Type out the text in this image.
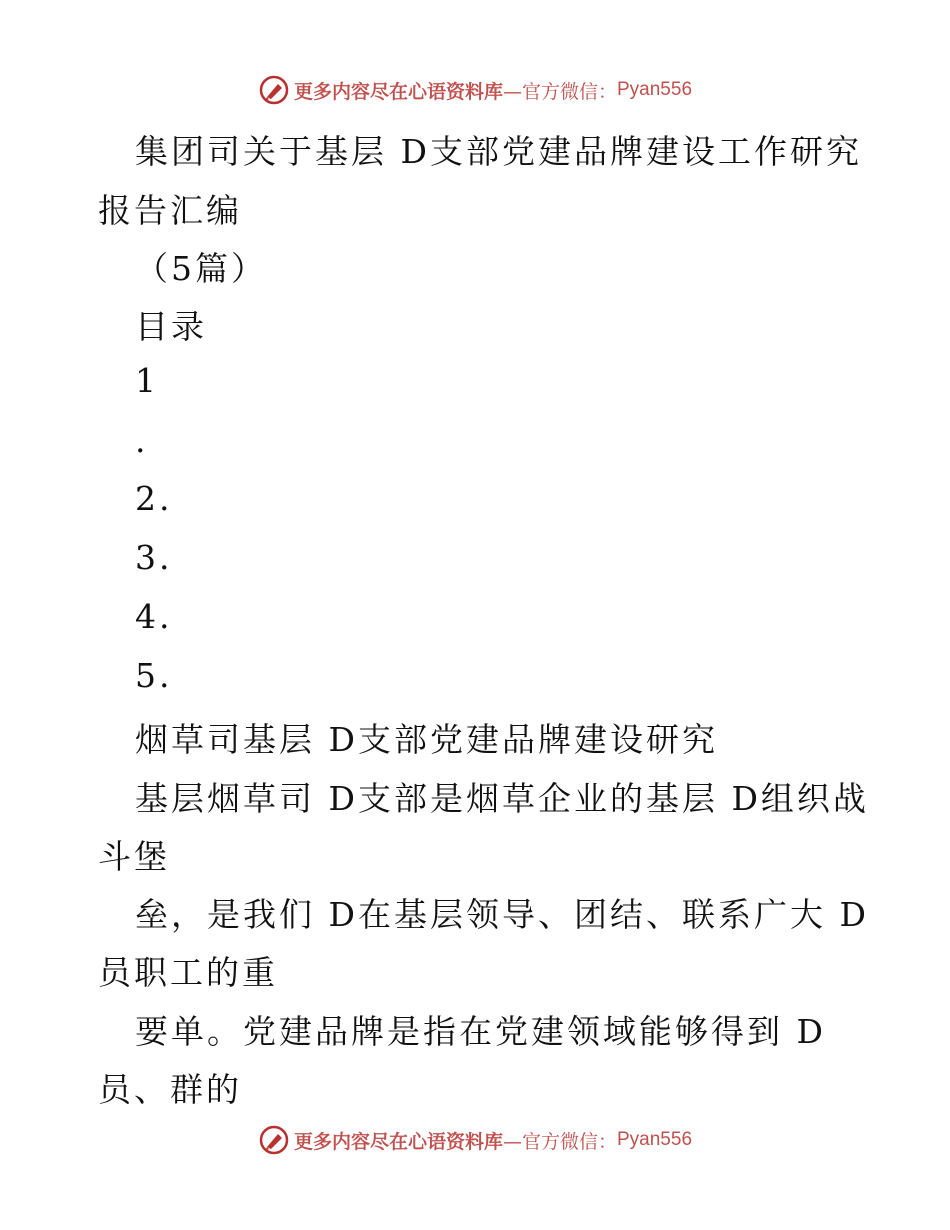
更多内容尽在心语资料库 —官方微信： Pyan556
集团司关于基层 D支部党建品牌建设工作研究
报告汇编
（5篇）
目录
1
.
2.
3.
4.
5.
烟草司基层 D支部党建品牌建设研究
基层烟草司 D支部是烟草企业的基层 D组织战
斗堡
垒，是我们 D在基层领导、团结、联系广大 D
员职工的重
要单。党建品牌是指在党建领域能够得到 D
员、群的
更多内容尽在心语资料库 —官方微信： Pyan556
